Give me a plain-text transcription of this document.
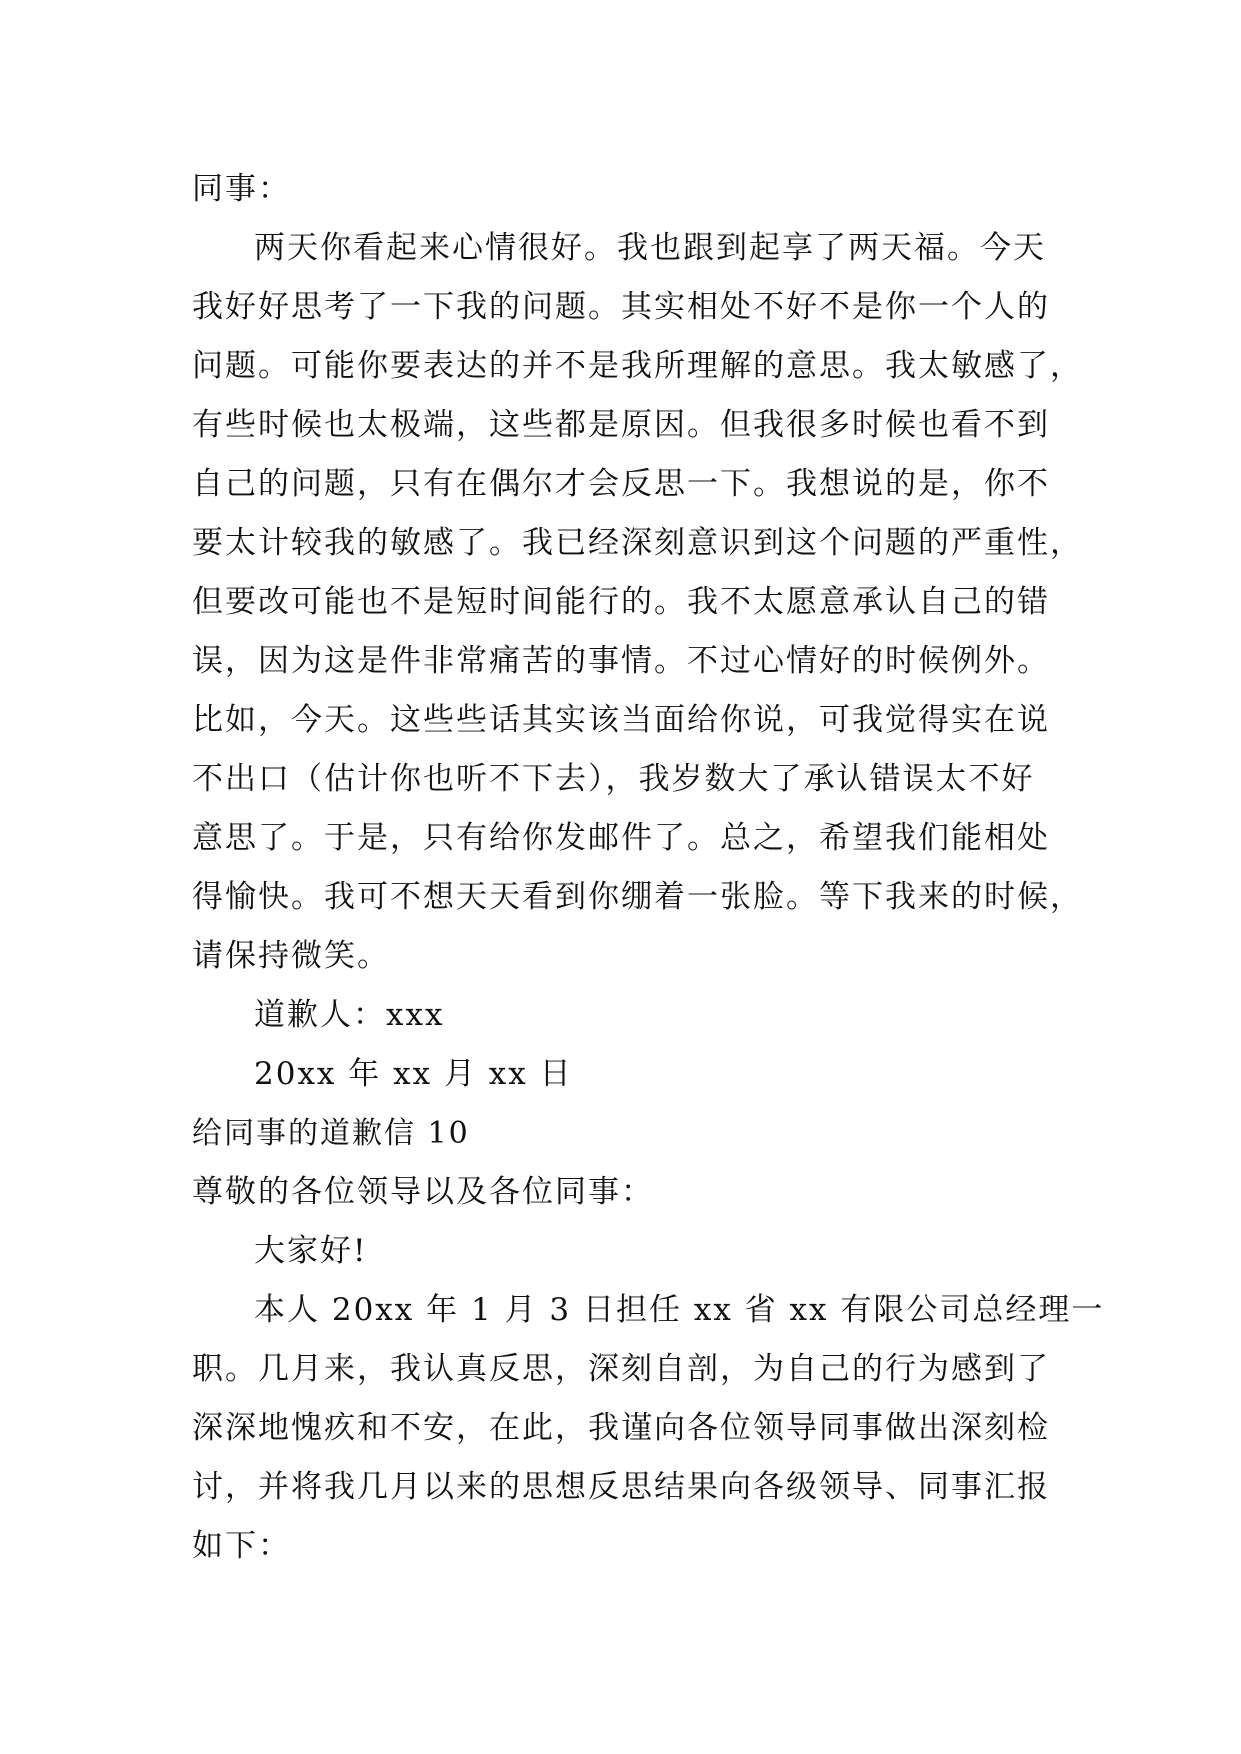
同事：
两天你看起来心情很好。我也跟到起享了两天福。今天
我好好思考了一下我的问题。其实相处不好不是你一个人的
问题。可能你要表达的并不是我所理解的意思。我太敏感了，
有些时候也太极端，这些都是原因。但我很多时候也看不到
自己的问题，只有在偶尔才会反思一下。我想说的是，你不
要太计较我的敏感了。我已经深刻意识到这个问题的严重性，
但要改可能也不是短时间能行的。我不太愿意承认自己的错
误，因为这是件非常痛苦的事情。不过心情好的时候例外。
比如，今天。这些些话其实该当面给你说，可我觉得实在说
不出口（估计你也听不下去），我岁数大了承认错误太不好
意思了。于是，只有给你发邮件了。总之，希望我们能相处
得愉快。我可不想天天看到你绷着一张脸。等下我来的时候，
请保持微笑。
道歉人：xxx
20xx 年 xx 月 xx 日
给同事的道歉信 10
尊敬的各位领导以及各位同事：
大家好!
本人 20xx 年 1 月 3 日担任 xx 省 xx 有限公司总经理一
职。几月来，我认真反思，深刻自剖，为自己的行为感到了
深深地愧疚和不安，在此，我谨向各位领导同事做出深刻检
讨，并将我几月以来的思想反思结果向各级领导、同事汇报
如下：
